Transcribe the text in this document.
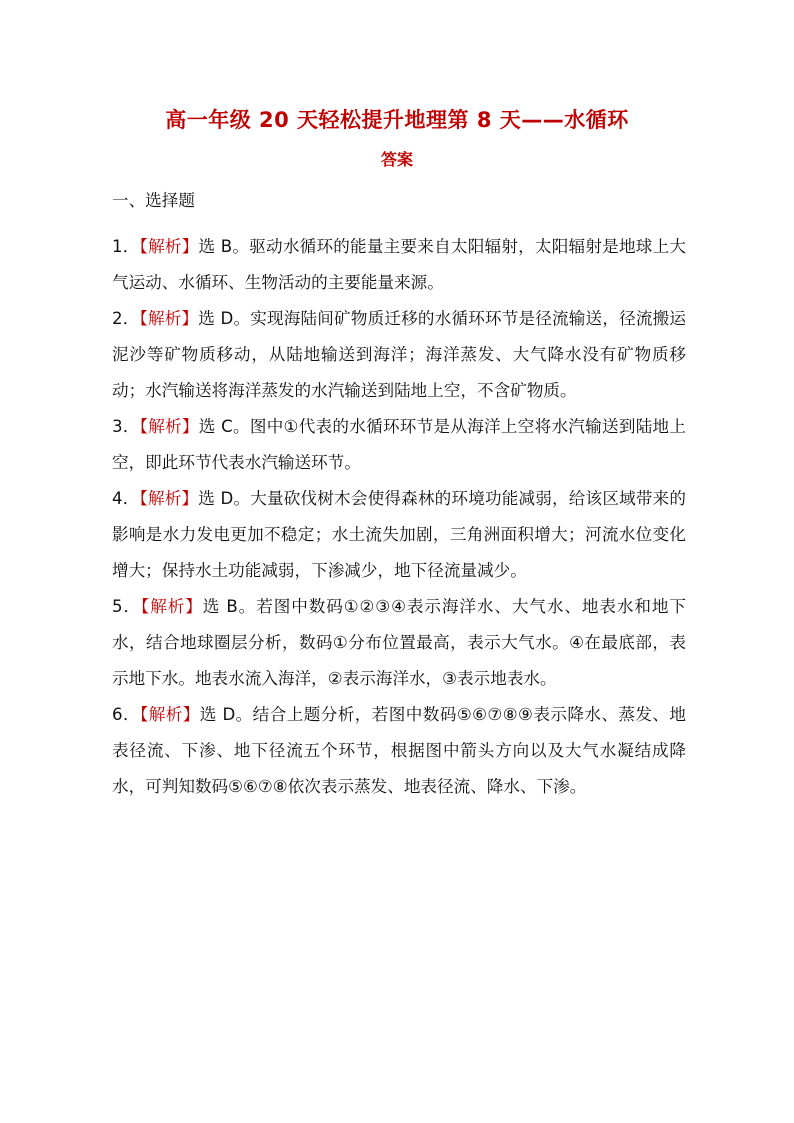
高一年级 20 天轻松提升地理第 8 天——水循环
答案
一、选择题
1．【解析】选 B。驱动水循环的能量主要来自太阳辐射，太阳辐射是地球上大气运动、水循环、生物活动的主要能量来源。
2．【解析】选 D。实现海陆间矿物质迁移的水循环环节是径流输送，径流搬运泥沙等矿物质移动，从陆地输送到海洋；海洋蒸发、大气降水没有矿物质移动；水汽输送将海洋蒸发的水汽输送到陆地上空，不含矿物质。
3．【解析】选 C。图中①代表的水循环环节是从海洋上空将水汽输送到陆地上空，即此环节代表水汽输送环节。
4．【解析】选 D。大量砍伐树木会使得森林的环境功能减弱，给该区域带来的影响是水力发电更加不稳定；水土流失加剧，三角洲面积增大；河流水位变化增大；保持水土功能减弱，下渗减少，地下径流量减少。
5．【解析】选 B。若图中数码①②③④表示海洋水、大气水、地表水和地下水，结合地球圈层分析，数码①分布位置最高，表示大气水。④在最底部，表示地下水。地表水流入海洋，②表示海洋水，③表示地表水。
6．【解析】选 D。结合上题分析，若图中数码⑤⑥⑦⑧⑨表示降水、蒸发、地表径流、下渗、地下径流五个环节，根据图中箭头方向以及大气水凝结成降水，可判知数码⑤⑥⑦⑧依次表示蒸发、地表径流、降水、下渗。
